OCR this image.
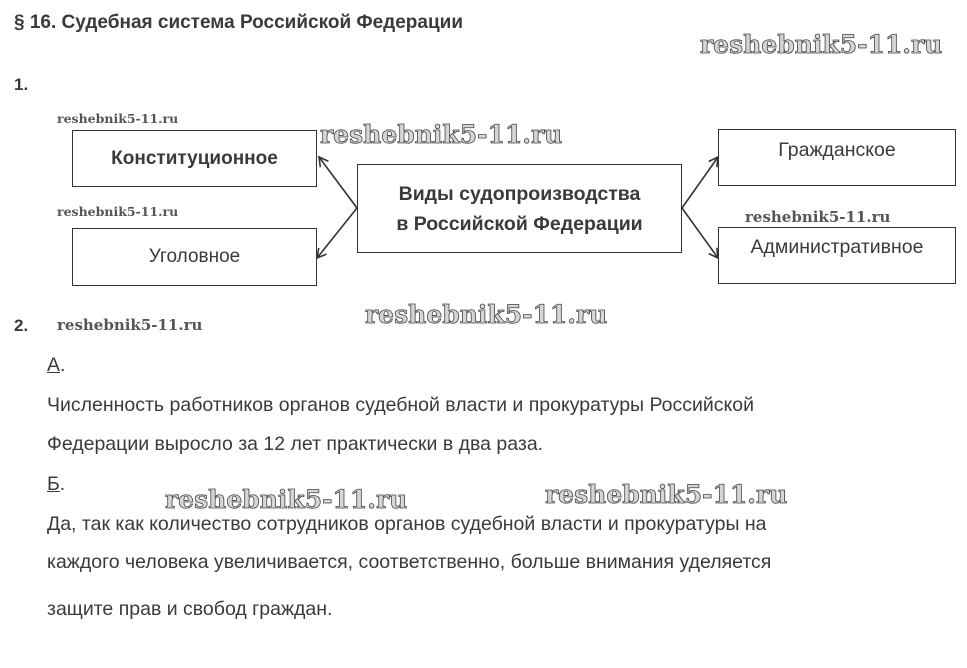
§ 16. Судебная система Российской Федерации
1.
Конституционное
Уголовное
Виды судопроизводства
в Российской Федерации
Гражданское
Административное
2.
А.
Численность работников органов судебной власти и прокуратуры Российской
Федерации выросло за 12 лет практически в два раза.
Б.
Да, так как количество сотрудников органов судебной власти и прокуратуры на
каждого человека увеличивается, соответственно, больше внимания уделяется
защите прав и свобод граждан.
reshebnik5-11.ru
reshebnik5-11.ru
reshebnik5-11.ru
reshebnik5-11.ru	reshebnik5-11.ru
reshebnik5-11.ru
reshebnik5-11.ru	reshebnik5-11.ru
reshebnik5-11.ru
